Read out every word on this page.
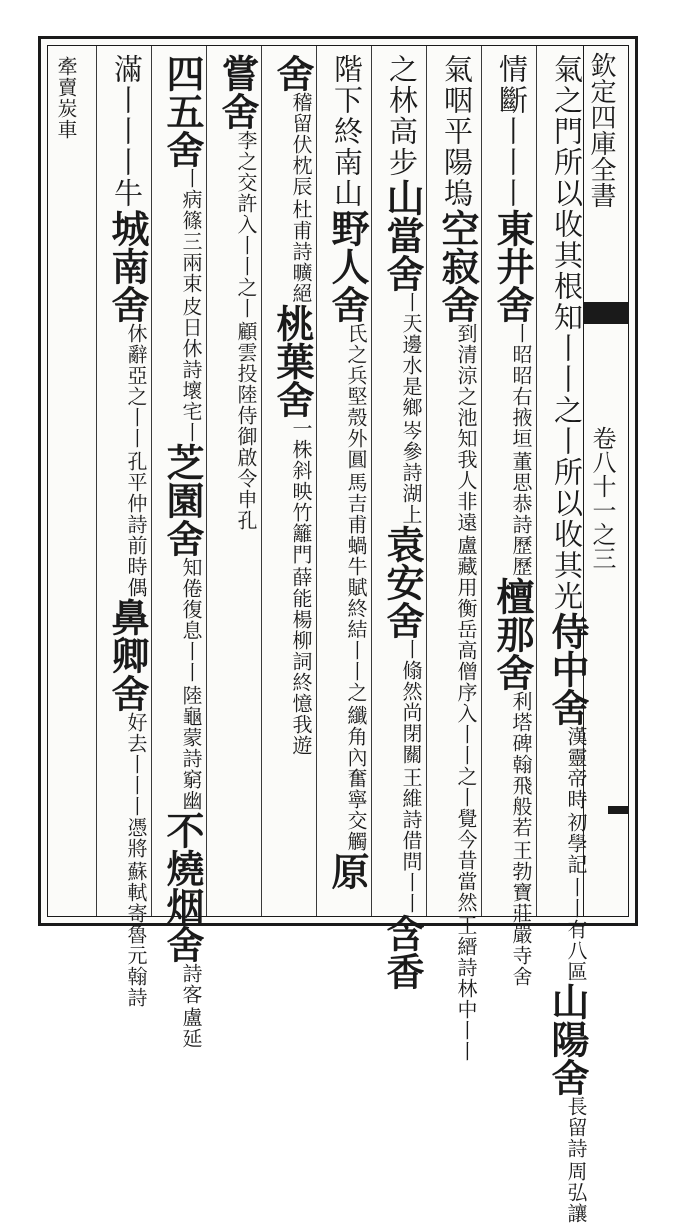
欽定四庫全書
卷八十一之三
氣之門所以收其根知丨丨之丨所以收其光侍中舍
初學記
漢靈帝時
丨丨有八區
山陽舍
周弘讓
長留詩
情斷丨丨丨東井舍
董思恭詩歷歷
丨昭昭右掖垣
檀那舍
王勃寶莊嚴寺舍
利塔碑翰飛般若
氣咽平陽塢空寂舍
盧藏用衡岳高僧序入
到清涼之池知我人非遠
王縉詩林中丨丨
丨丨之丨覺今昔當然
之林高步山當舍
岑參詩湖上
丨天邊水是鄉
袁安舍
王維詩借問丨丨
丨翛然尚閉關
含香
階下終南山野人舍
馬吉甫蝸牛賦
氏之兵堅殼外圓
纖角內奮寧交觸
終結丨丨之
原
舍
杜甫詩曠絕
稽留伏枕辰
桃葉舍
薛能楊柳詞終憶我遊
一株斜映竹籬門
嘗舍
顧雲投陸侍御啟令申孔
李之交許入丨丨之丨
四五舍
皮日休詩壞宅丨
丨病篠三兩束
芝園舍
陸龜蒙詩窮幽
知倦復息丨丨
不燒烟舍
盧延
詩客
滿丨丨丨牛城南舍
孔平仲詩前時偶
休辭亞之丨丨
鼻卿舍
蘇軾寄魯元翰詩
好去丨丨丨憑將
牽賣炭車
